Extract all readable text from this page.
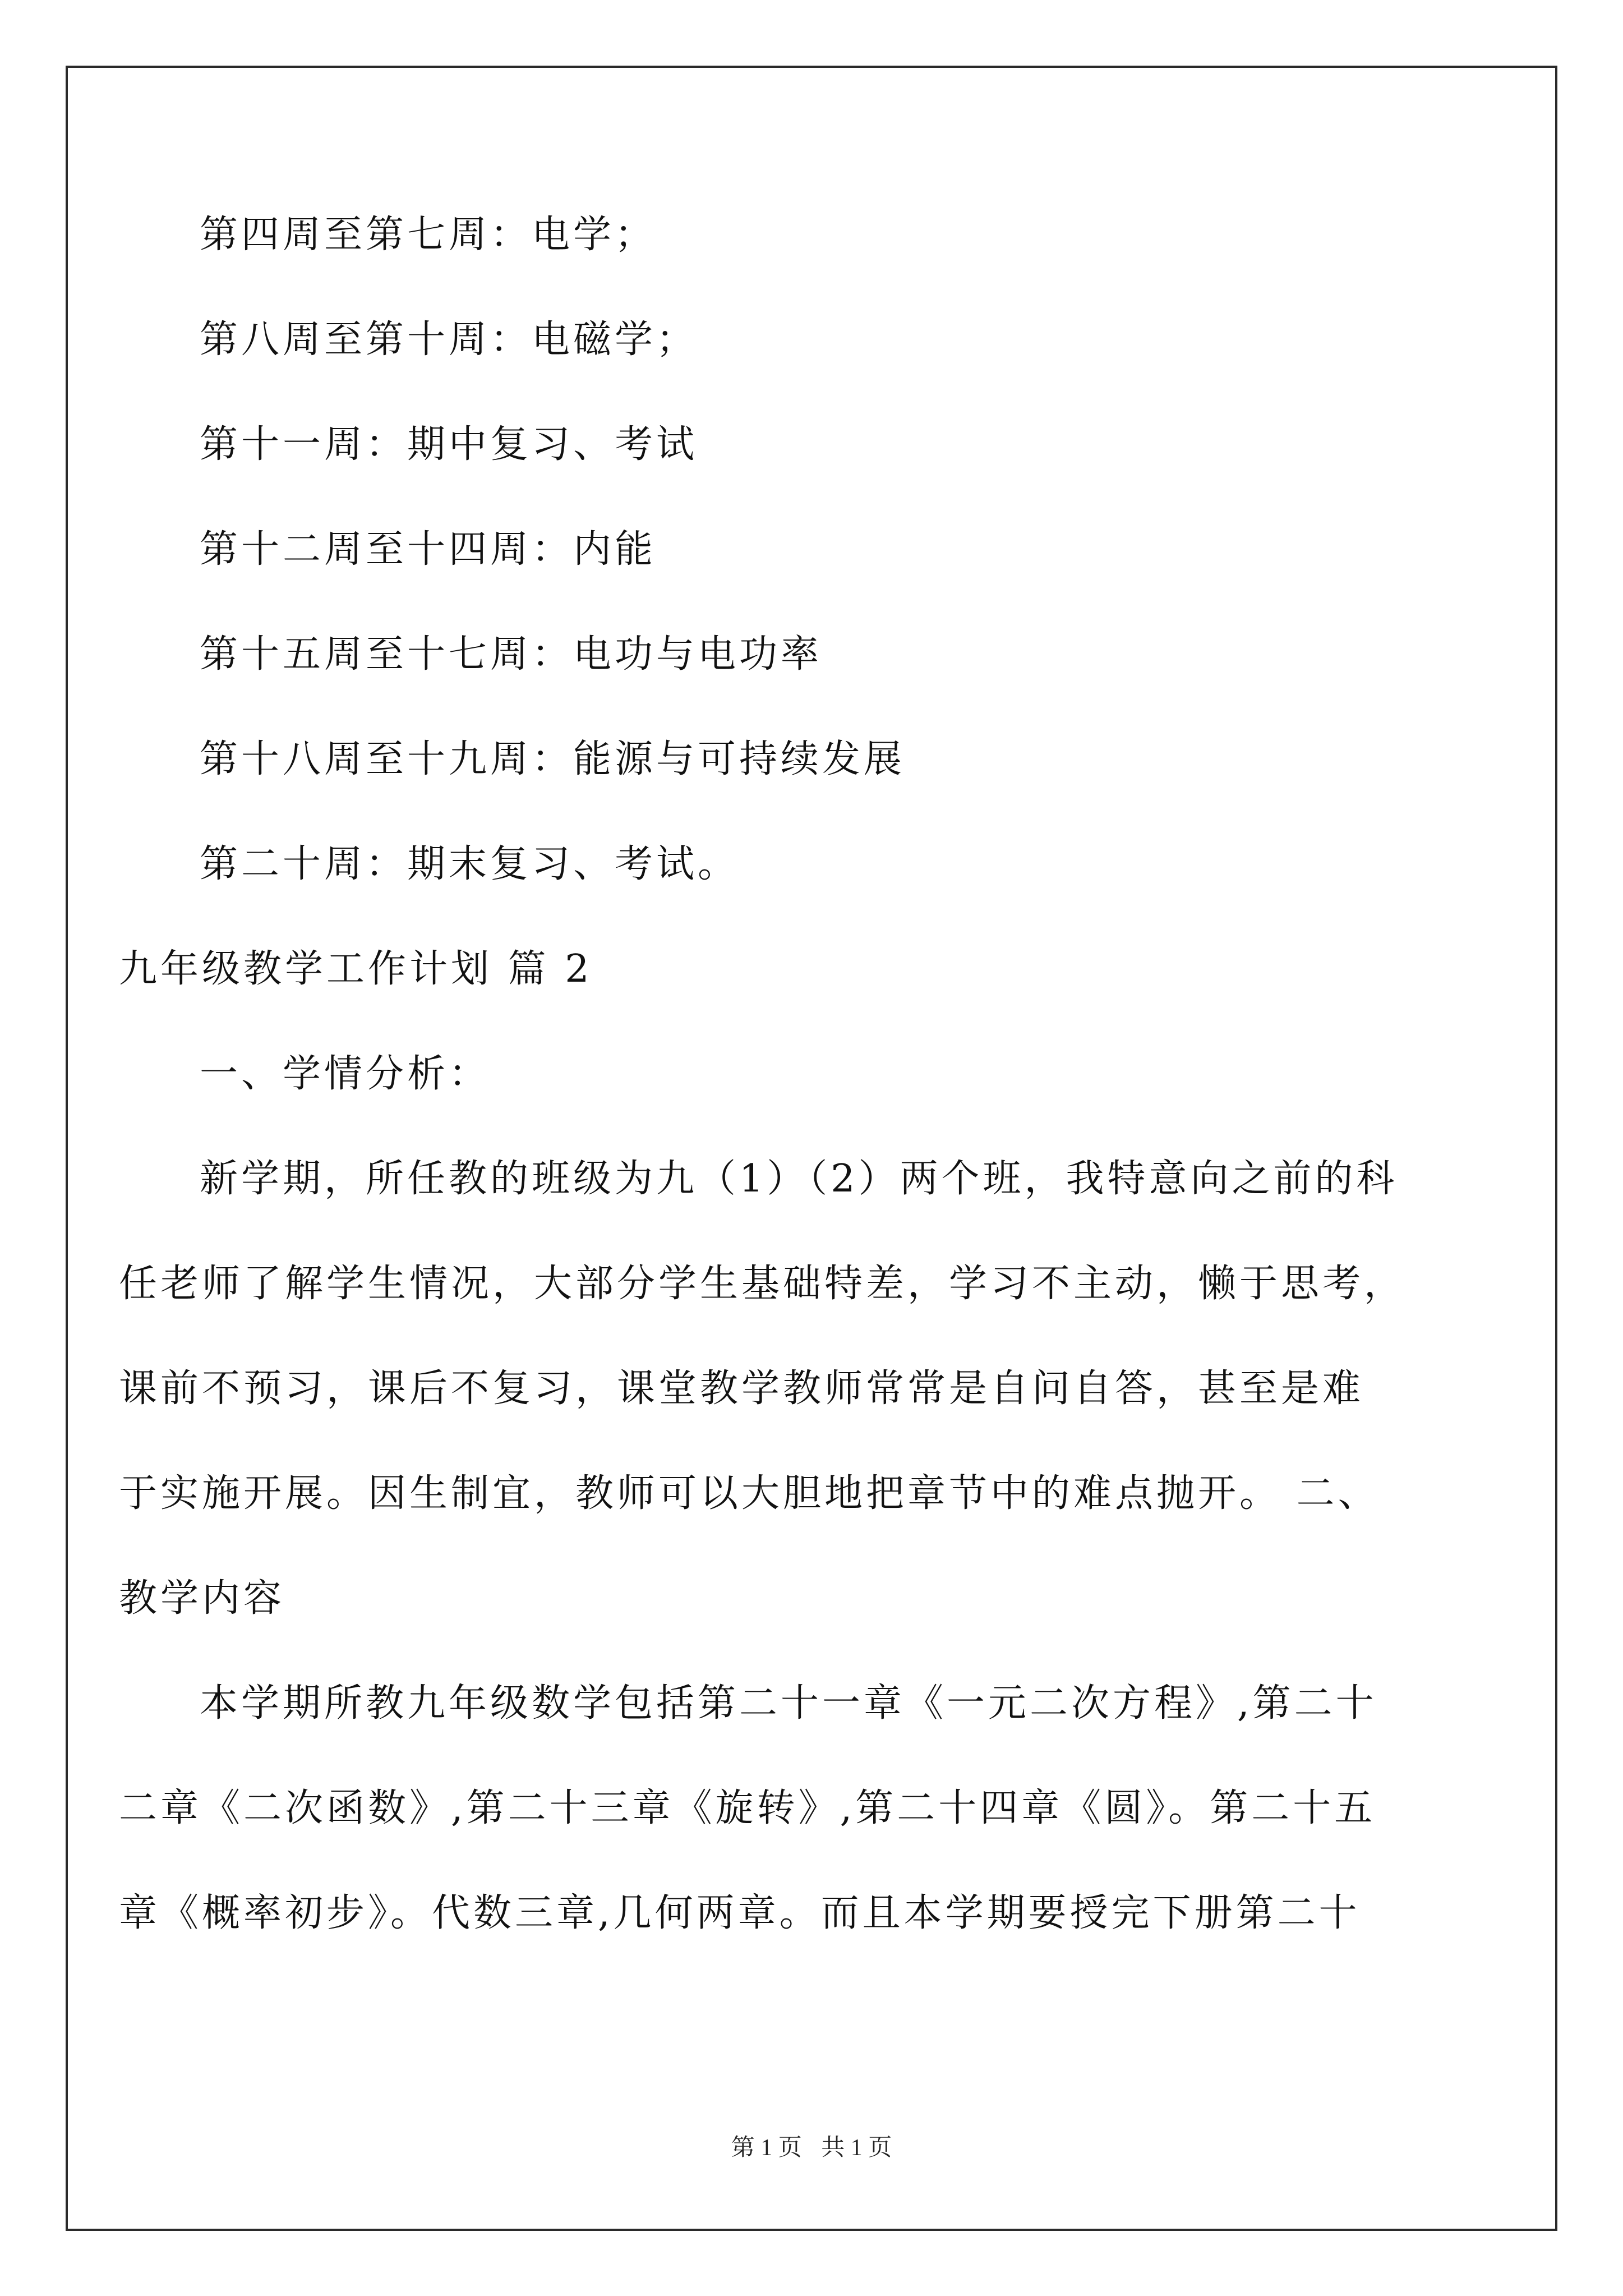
第四周至第七周：电学；
第八周至第十周：电磁学；
第十一周：期中复习、考试
第十二周至十四周：内能
第十五周至十七周：电功与电功率
第十八周至十九周：能源与可持续发展
第二十周：期末复习、考试。
九年级教学工作计划 篇 2
一、学情分析：
新学期，所任教的班级为九（1）（2）两个班，我特意向之前的科
任老师了解学生情况，大部分学生基础特差，学习不主动，懒于思考，
课前不预习，课后不复习，课堂教学教师常常是自问自答，甚至是难
于实施开展。因生制宜，教师可以大胆地把章节中的难点抛开。 二、
教学内容
本学期所教九年级数学包括第二十一章《一元二次方程》,第二十
二章《二次函数》,第二十三章《旋转》,第二十四章《圆》。第二十五
章《概率初步》。代数三章,几何两章。而且本学期要授完下册第二十
第 1 页 共 1 页
